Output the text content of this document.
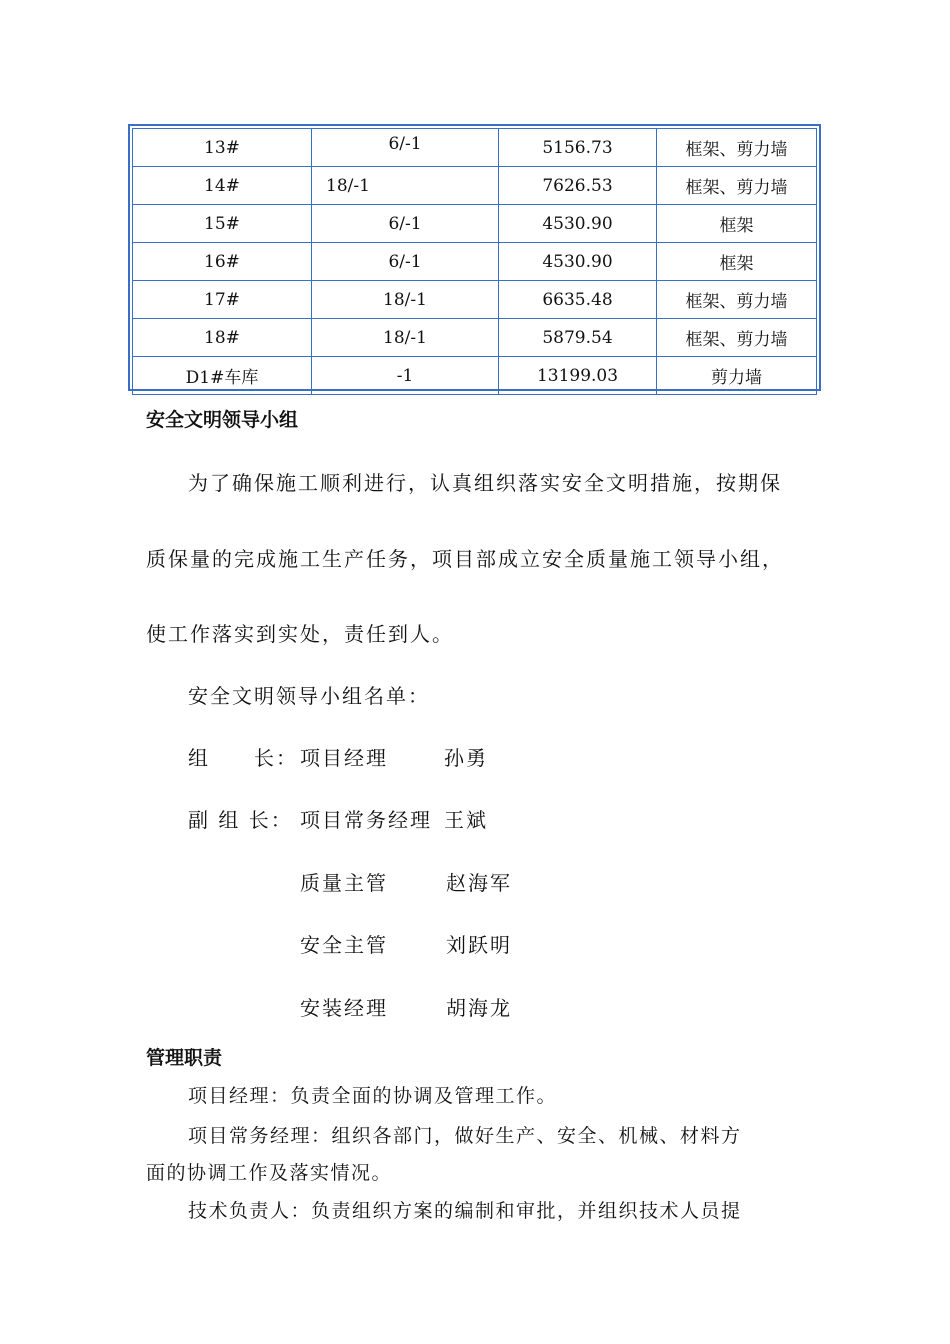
13#	6/-1	5156.73	框架、剪力墙
14#	18/-1	7626.53	框架、剪力墙
15#	6/-1	4530.90	框架
16#	6/-1	4530.90	框架
17#	18/-1	6635.48	框架、剪力墙
18#	18/-1	5879.54	框架、剪力墙
D1#车库	-1	13199.03	剪力墙
安全文明领导小组
为了确保施工顺利进行，认真组织落实安全文明措施，按期保
质保量的完成施工生产任务，项目部成立安全质量施工领导小组，
使工作落实到实处，责任到人。
安全文明领导小组名单：
组　　长： 项目经理	孙勇
副 组 长： 项目常务经理 王斌
质量主管	赵海军
安全主管	刘跃明
安装经理	胡海龙
管理职责
项目经理：负责全面的协调及管理工作。
项目常务经理：组织各部门，做好生产、安全、机械、材料方
面的协调工作及落实情况。
技术负责人：负责组织方案的编制和审批，并组织技术人员提
